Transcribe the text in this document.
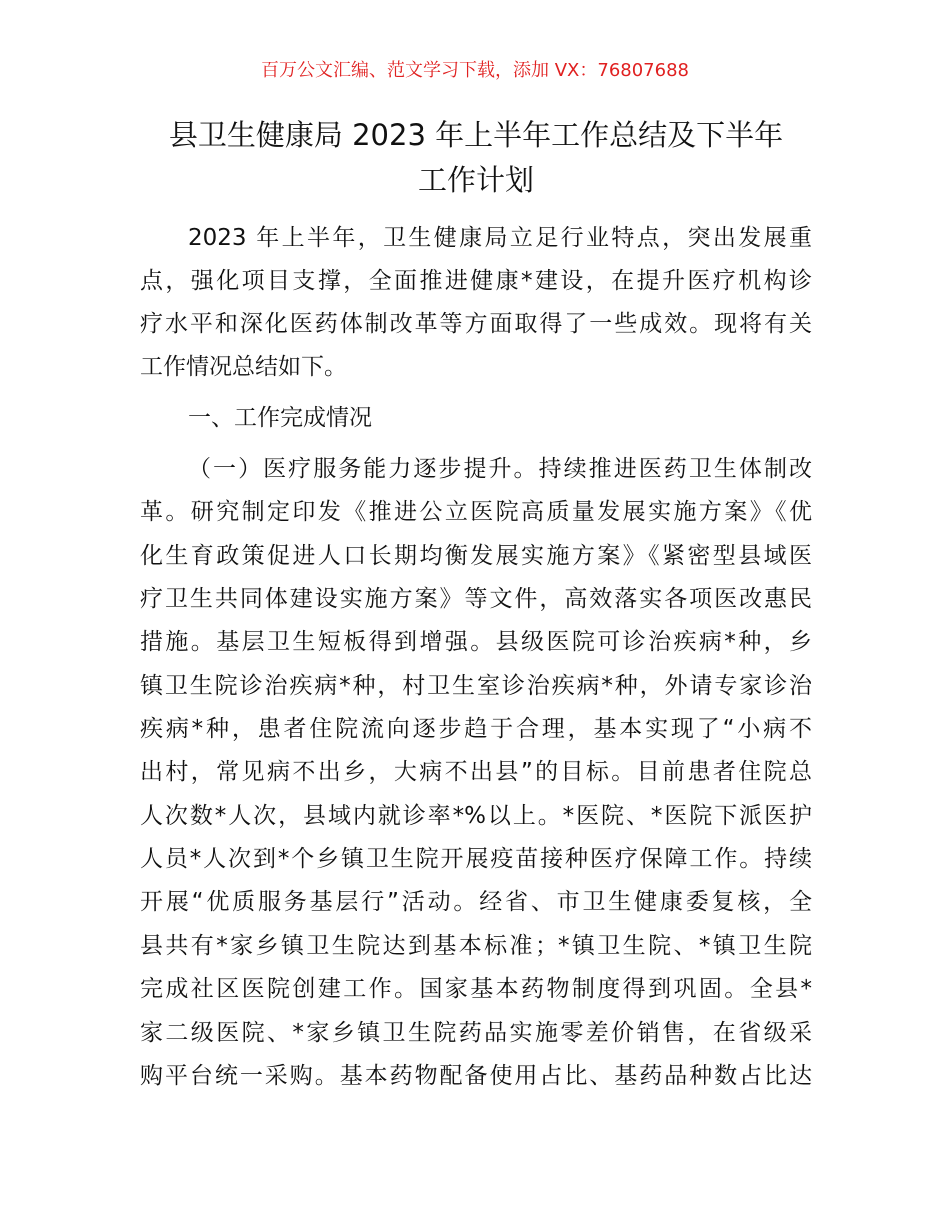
百万公文汇编、范文学习下载，添加 VX：76807688
县卫生健康局 2023 年上半年工作总结及下半年
工作计划
2023 年上半年，卫生健康局立足行业特点，突出发展重
点，强化项目支撑，全面推进健康*建设，在提升医疗机构诊
疗水平和深化医药体制改革等方面取得了一些成效。现将有关
工作情况总结如下。
一、工作完成情况
（一）医疗服务能力逐步提升。持续推进医药卫生体制改
革。研究制定印发《推进公立医院高质量发展实施方案》《优
化生育政策促进人口长期均衡发展实施方案》《紧密型县域医
疗卫生共同体建设实施方案》等文件，高效落实各项医改惠民
措施。基层卫生短板得到增强。县级医院可诊治疾病*种，乡
镇卫生院诊治疾病*种，村卫生室诊治疾病*种，外请专家诊治
疾病*种，患者住院流向逐步趋于合理，基本实现了“小病不
出村，常见病不出乡，大病不出县”的目标。目前患者住院总
人次数*人次，县域内就诊率*%以上。*医院、*医院下派医护
人员*人次到*个乡镇卫生院开展疫苗接种医疗保障工作。持续
开展“优质服务基层行”活动。经省、市卫生健康委复核，全
县共有*家乡镇卫生院达到基本标准；*镇卫生院、*镇卫生院
完成社区医院创建工作。国家基本药物制度得到巩固。全县*
家二级医院、*家乡镇卫生院药品实施零差价销售，在省级采
购平台统一采购。基本药物配备使用占比、基药品种数占比达
